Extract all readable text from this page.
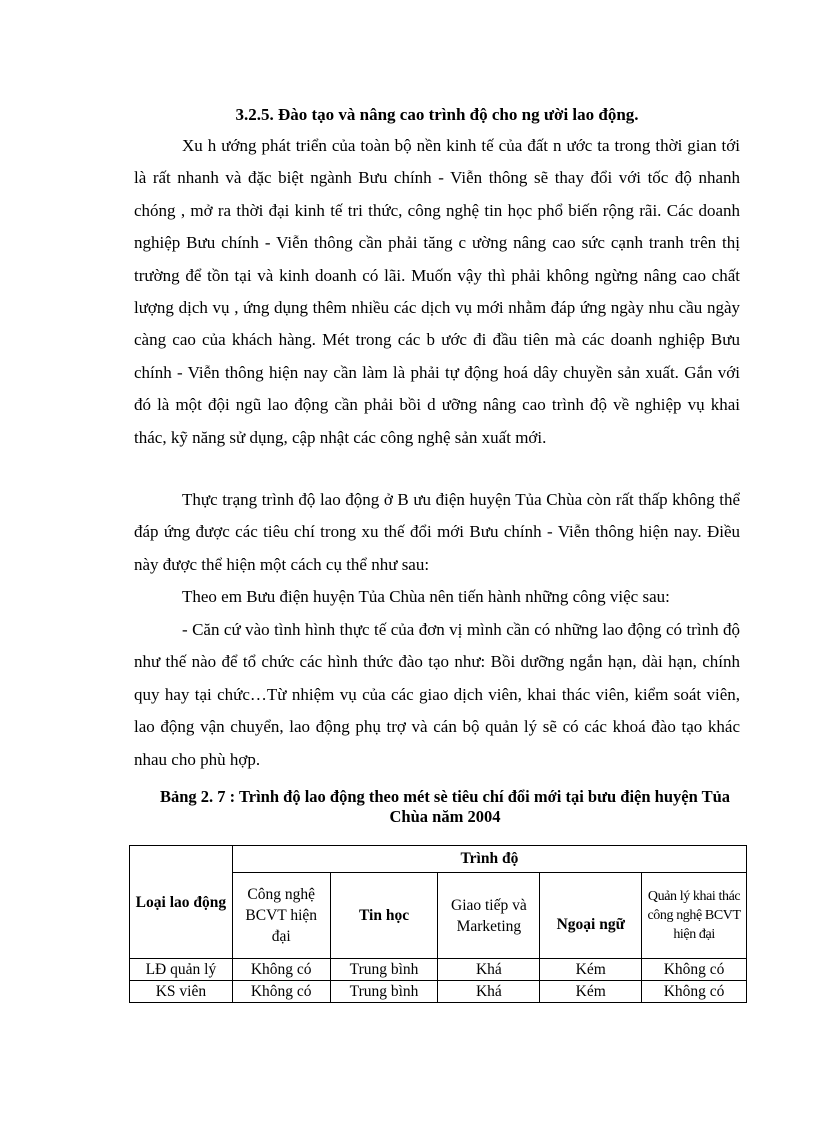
3.2.5. Đào tạo và nâng cao trình độ cho ng ười lao động.

Xu h ướng phát triển của toàn bộ nền kinh tế của đất n ước ta trong thời gian tới là rất nhanh và đặc biệt ngành Bưu chính - Viễn thông sẽ thay đổi với tốc độ nhanh chóng , mở ra thời đại kinh tế tri thức, công nghệ tin học phổ biến rộng rãi. Các doanh nghiệp Bưu chính - Viễn thông cần phải tăng c ường nâng cao sức cạnh tranh trên thị trường để tồn tại và kinh doanh có lãi. Muốn vậy thì phải không ngừng nâng cao chất lượng dịch vụ , ứng dụng thêm nhiều các dịch vụ mới nhằm đáp ứng ngày nhu cầu ngày càng cao của khách hàng. Mét trong các b ước đi đầu tiên mà các doanh nghiệp Bưu chính - Viễn thông hiện nay cần làm là phải tự động hoá dây chuyền sản xuất. Gắn với đó là một đội ngũ lao động cần phải bồi d ưỡng nâng cao trình độ về nghiệp vụ khai thác, kỹ năng sử dụng, cập nhật các công nghệ sản xuất mới.

Thực trạng trình độ lao động ở B ưu điện huyện Tủa Chùa còn rất thấp không thể đáp ứng được các tiêu chí trong xu thế đổi mới Bưu chính - Viễn thông hiện nay. Điều này được thể hiện một cách cụ thể như sau:

Theo em Bưu điện huyện Tủa Chùa nên tiến hành những công việc sau:

- Căn cứ vào tình hình thực tế của đơn vị mình cần có những lao động có trình độ như thế nào để tổ chức các hình thức đào tạo như: Bồi dưỡng ngắn hạn, dài hạn, chính quy hay tại chức…Từ nhiệm vụ của các giao dịch viên, khai thác viên, kiểm soát viên, lao động vận chuyển, lao động phụ trợ và cán bộ quản lý sẽ có các khoá đào tạo khác nhau cho phù hợp.

Bảng 2. 7 : Trình độ lao động theo mét sè tiêu chí đổi mới tại bưu điện huyện Tủa Chùa năm 2004

Loại lao động	Trình độ				
	Công nghệ BCVT hiện đại	Tin học	Giao tiếp và Marketing	Ngoại ngữ	Quản lý khai thác công nghệ BCVT hiện đại
LĐ quản lý	Không có	Trung bình	Khá	Kém	Không có
KS viên	Không có	Trung bình	Khá	Kém	Không có
